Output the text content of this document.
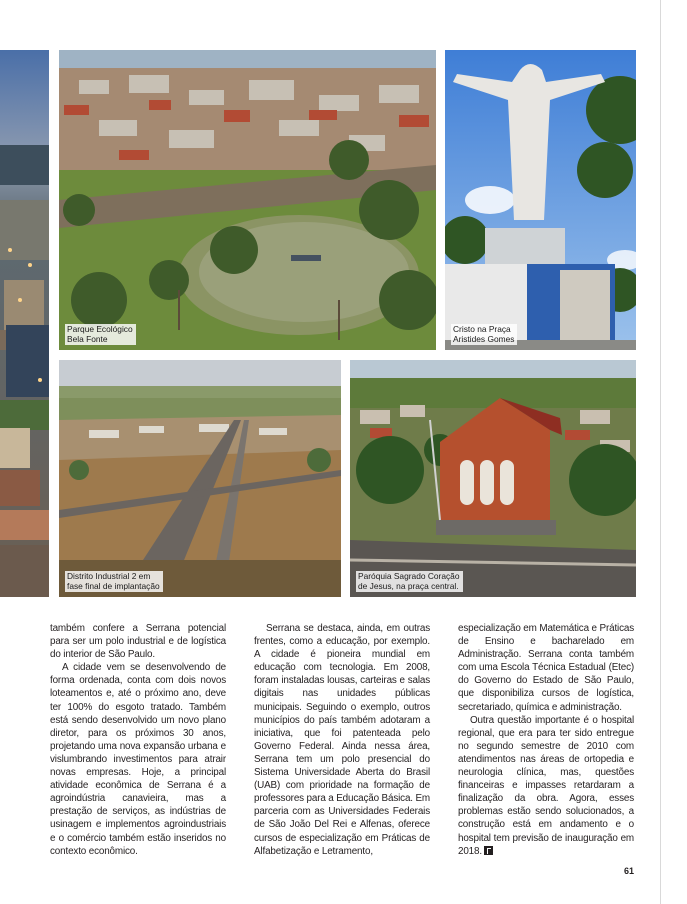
Parque Ecológico
Bela Fonte
Cristo na Praça
Aristides Gomes
Distrito Industrial 2 em
fase final de implantação
Paróquia Sagrado Coração
de Jesus, na praça central.

também confere a Serrana potencial para ser um polo industrial e de logística do interior de São Paulo.

A cidade vem se desenvolvendo de forma ordenada, conta com dois novos loteamentos e, até o próximo ano, deve ter 100% do esgoto tratado. Também está sendo desenvolvido um novo plano diretor, para os próximos 30 anos, projetando uma nova expansão urbana e vislumbrando investimentos para atrair novas empresas. Hoje, a principal atividade econômica de Serrana é a agroindústria canavieira, mas a prestação de serviços, as indústrias de usinagem e implementos agroindustriais e o comércio também estão inseridos no contexto econômico.

Serrana se destaca, ainda, em outras frentes, como a educação, por exemplo. A cidade é pioneira mundial em educação com tecnologia. Em 2008, foram instaladas lousas, carteiras e salas digitais nas unidades públicas municipais. Seguindo o exemplo, outros municípios do país também adotaram a iniciativa, que foi patenteada pelo Governo Federal. Ainda nessa área, Serrana tem um polo presencial do Sistema Universidade Aberta do Brasil (UAB) com prioridade na formação de professores para a Educação Básica. Em parceria com as Universidades Federais de São João Del Rei e Alfenas, oferece cursos de especialização em Práticas de Alfabetização e Letramento,

especialização em Matemática e Práticas de Ensino e bacharelado em Administração. Serrana conta também com uma Escola Técnica Estadual (Etec) do Governo do Estado de São Paulo, que disponibiliza cursos de logística, secretariado, química e administração.

Outra questão importante é o hospital regional, que era para ter sido entregue no segundo semestre de 2010 com atendimentos nas áreas de ortopedia e neurologia clínica, mas, questões financeiras e impasses retardaram a finalização da obra. Agora, esses problemas estão sendo solucionados, a construção está em andamento e o hospital tem previsão de inauguração em 2018.

61
